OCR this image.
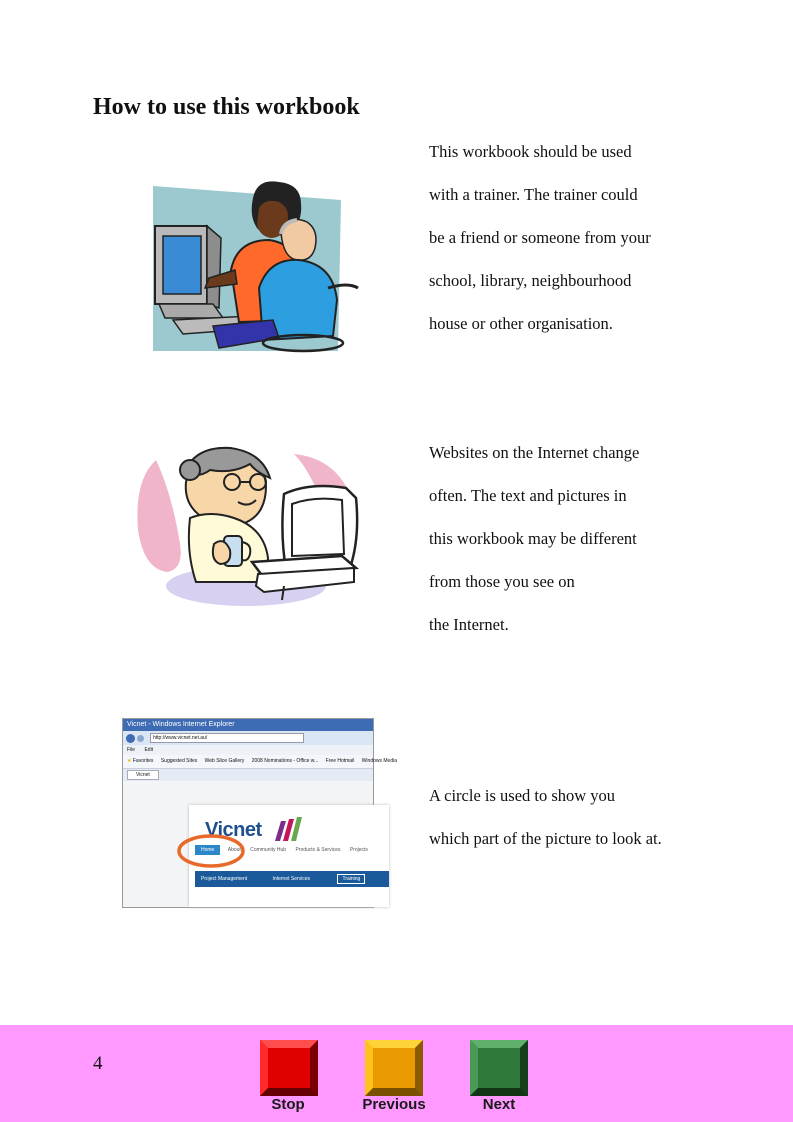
How to use this workbook
This workbook should be used
with a trainer. The trainer could
be a friend or someone from your
school, library, neighbourhood
house or other organisation.
Websites on the Internet change
often. The text and pictures in
this workbook may be different
from those you see on
the Internet.
Vicnet - Windows Internet Explorer
http://www.vicnet.net.au/
File Edit
★ Favorites Suggested Sites Web Slice Gallery 2008 Nominations - Office w... Free Hotmail Windows Media
Vicnet
Vicnet
Home	About Community Hub Products & Services Projects
Project Management	Internet Services	Training
A circle is used to show you
which part of the picture to look at.
4
Stop	Previous	Next
